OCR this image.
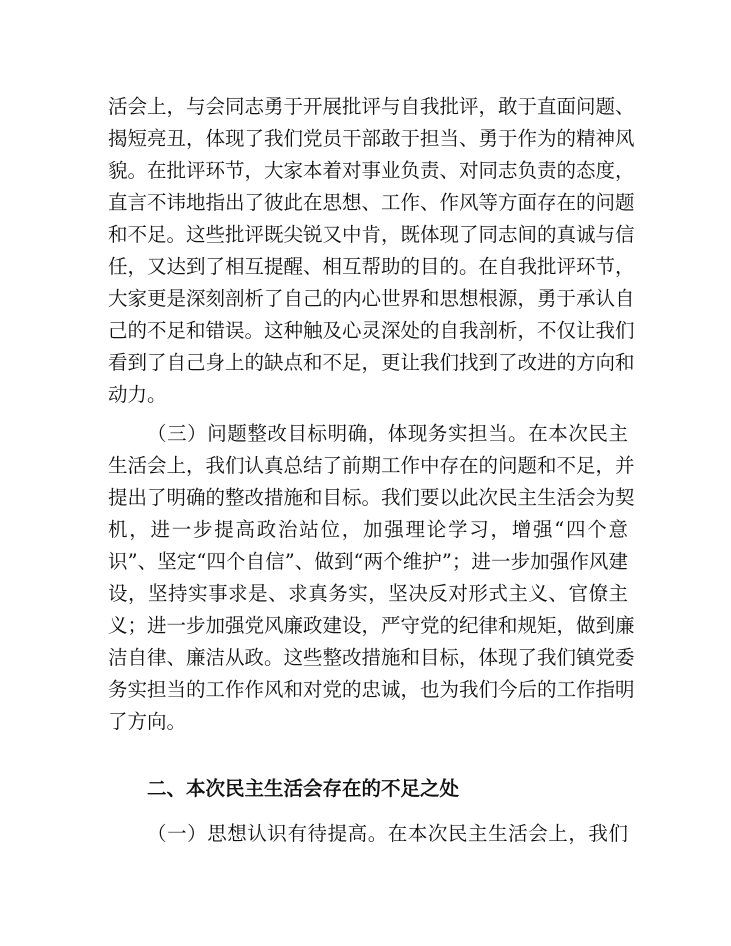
活会上，与会同志勇于开展批评与自我批评，敢于直面问题、
揭短亮丑，体现了我们党员干部敢于担当、勇于作为的精神风
貌。在批评环节，大家本着对事业负责、对同志负责的态度，
直言不讳地指出了彼此在思想、工作、作风等方面存在的问题
和不足。这些批评既尖锐又中肯，既体现了同志间的真诚与信
任，又达到了相互提醒、相互帮助的目的。在自我批评环节，
大家更是深刻剖析了自己的内心世界和思想根源，勇于承认自
己的不足和错误。这种触及心灵深处的自我剖析，不仅让我们
看到了自己身上的缺点和不足，更让我们找到了改进的方向和
动力。
（三）问题整改目标明确，体现务实担当。在本次民主
生活会上，我们认真总结了前期工作中存在的问题和不足，并
提出了明确的整改措施和目标。我们要以此次民主生活会为契
机，进一步提高政治站位，加强理论学习，增强“四个意
识”、坚定“四个自信”、做到“两个维护”；进一步加强作风建
设，坚持实事求是、求真务实，坚决反对形式主义、官僚主
义；进一步加强党风廉政建设，严守党的纪律和规矩，做到廉
洁自律、廉洁从政。这些整改措施和目标，体现了我们镇党委
务实担当的工作作风和对党的忠诚，也为我们今后的工作指明
了方向。
二、本次民主生活会存在的不足之处
（一）思想认识有待提高。在本次民主生活会上，我们
